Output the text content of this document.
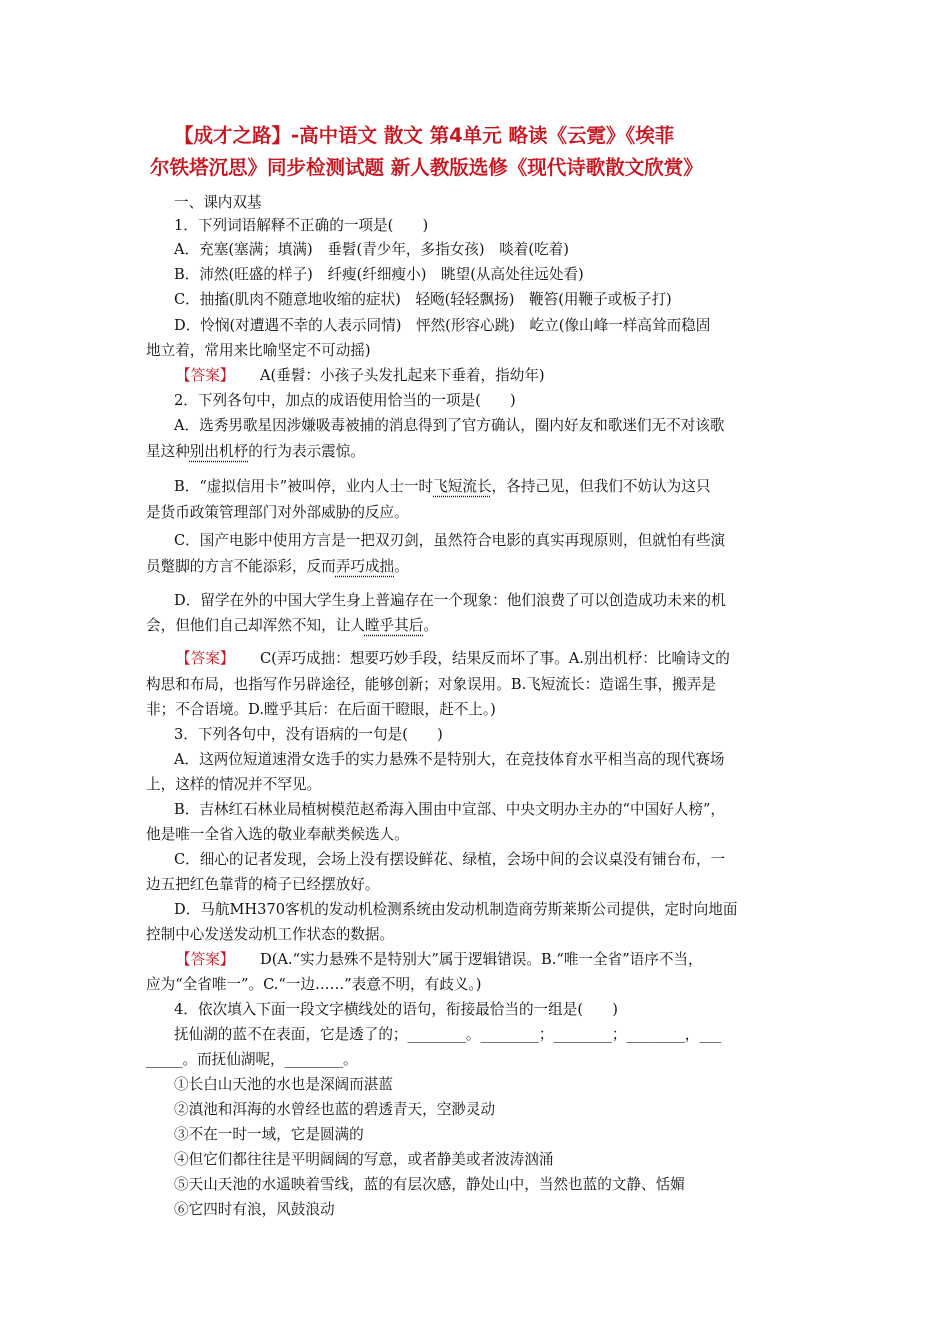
【成才之路】-高中语文 散文 第4单元 略读《云霓》《埃菲
尔铁塔沉思》同步检测试题 新人教版选修《现代诗歌散文欣赏》
一、课内双基
1．下列词语解释不正确的一项是(　　)
A．充塞(塞满；填满)　垂髫(青少年，多指女孩)　啖着(吃着)
B．沛然(旺盛的样子)　纤瘦(纤细瘦小)　眺望(从高处往远处看)
C．抽搐(肌肉不随意地收缩的症状)　轻飏(轻轻飘扬)　鞭笞(用鞭子或板子打)
D．怜悯(对遭遇不幸的人表示同情)　怦然(形容心跳)　屹立(像山峰一样高耸而稳固
地立着，常用来比喻坚定不可动摇)
【答案】 A(垂髫：小孩子头发扎起来下垂着，指幼年)
2．下列各句中，加点的成语使用恰当的一项是(　　)
A．选秀男歌星因涉嫌吸毒被捕的消息得到了官方确认，圈内好友和歌迷们无不对该歌
星这种别出机杼的行为表示震惊。
B．“虚拟信用卡”被叫停，业内人士一时飞短流长，各持己见，但我们不妨认为这只
是货币政策管理部门对外部威胁的反应。
C．国产电影中使用方言是一把双刃剑，虽然符合电影的真实再现原则，但就怕有些演
员蹩脚的方言不能添彩，反而弄巧成拙。
D．留学在外的中国大学生身上普遍存在一个现象：他们浪费了可以创造成功未来的机
会，但他们自己却浑然不知，让人瞠乎其后。
【答案】 C(弄巧成拙：想要巧妙手段，结果反而坏了事。A.别出机杼：比喻诗文的
构思和布局，也指写作另辟途径，能够创新；对象误用。B.飞短流长：造谣生事，搬弄是
非；不合语境。D.瞠乎其后：在后面干瞪眼，赶不上。)
3．下列各句中，没有语病的一句是(　　)
A．这两位短道速滑女选手的实力悬殊不是特别大，在竞技体育水平相当高的现代赛场
上，这样的情况并不罕见。
B．吉林红石林业局植树模范赵希海入围由中宣部、中央文明办主办的“中国好人榜”，
他是唯一全省入选的敬业奉献类候选人。
C．细心的记者发现，会场上没有摆设鲜花、绿植，会场中间的会议桌没有铺台布，一
边五把红色靠背的椅子已经摆放好。
D．马航MH370客机的发动机检测系统由发动机制造商劳斯莱斯公司提供，定时向地面
控制中心发送发动机工作状态的数据。
【答案】 D(A.“实力悬殊不是特别大”属于逻辑错误。B.“唯一全省”语序不当，
应为“全省唯一”。C.“一边……”表意不明，有歧义。)
4．依次填入下面一段文字横线处的语句，衔接最恰当的一组是(　　)
抚仙湖的蓝不在表面，它是透了的；________。________；________；________，___
_____。而抚仙湖呢，________。
①长白山天池的水也是深阔而湛蓝
②滇池和洱海的水曾经也蓝的碧透青天，空渺灵动
③不在一时一域，它是圆满的
④但它们都往往是平明阔阔的写意，或者静美或者波涛汹涌
⑤天山天池的水遥映着雪线，蓝的有层次感，静处山中，当然也蓝的文静、恬媚
⑥它四时有浪，风鼓浪动
